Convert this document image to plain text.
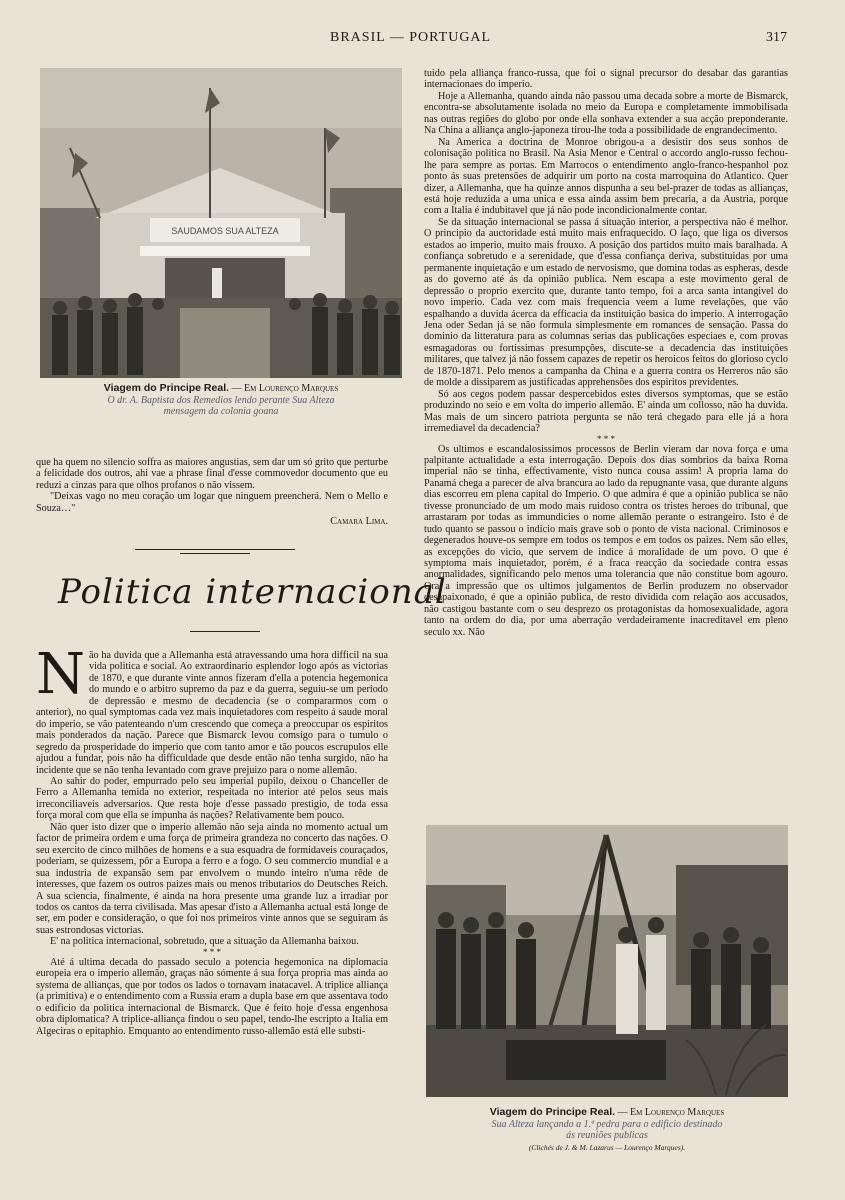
BRASIL — PORTUGAL	317
SAUDAMOS SUA ALTEZA
Viagem do Principe Real. — Em Lourenço Marques
O dr. A. Baptista dos Remedios lendo perante Sua Alteza
mensagem da colonia goana

que ha quem no silencio soffra as maiores angustias, sem dar um só grito que perturbe a felicidade dos outros, ahi vae a phrase final d'esse commovedor documento que eu reduzi a cinzas para que olhos profanos o não vissem.

"Deixas vago no meu coração um logar que ninguem preencherá. Nem o Mello e Souza…"

Camara Lima.
Politica internacional
N ão ha duvida que a Allemanha está atravessando uma hora difficil na sua vida politica e social. Ao extraordinario esplendor logo após as victorias de 1870, e que durante vinte annos fizeram d'ella a potencia hegemonica do mundo e o arbitro supremo da paz e da guerra, seguiu-se um periodo de depressão e mesmo de decadencia (se o compararmos com o anterior), no qual symptomas cada vez mais inquietadores com respeito á saude moral do imperio, se vão patenteando n'um crescendo que começa a preoccupar os espiritos mais ponderados da nação. Parece que Bismarck levou comsigo para o tumulo o segredo da prosperidade do imperio que com tanto amor e tão poucos escrupulos elle ajudou a fundar, pois não ha difficuldade que desde então não tenha surgido, não ha incidente que se não tenha levantado com grave prejuizo para o nome allemão.

Ao sahir do poder, empurrado pelo seu imperial pupilo, deixou o Chanceller de Ferro a Allemanha temida no exterior, respeitada no interior até pelos seus mais irreconciliaveis adversarios. Que resta hoje d'esse passado prestigio, de toda essa força moral com que ella se impunha ás nações? Relativamente bem pouco.

Não quer isto dizer que o imperio allemão não seja ainda no momento actual um factor de primeira ordem e uma força de primeira grandeza no concerto das nações. O seu exercito de cinco milhões de homens e a sua esquadra de formidaveis couraçados, poderiam, se quizessem, pôr a Europa a ferro e a fogo. O seu commercio mundial e a sua industria de expansão sem par envolvem o mundo inteiro n'uma rêde de interesses, que fazem os outros paizes mais ou menos tributarios do Deutsches Reich. A sua sciencia, finalmente, é ainda na hora presente uma grande luz a irradiar por todos os cantos da terra civilisada. Mas apesar d'isto a Allemanha actual está longe de ser, em poder e consideração, o que foi nos primeiros vinte annos que se seguiram ás suas estrondosas victorias.

E' na politica internacional, sobretudo, que a situação da Allemanha baixou.

* * *

Até á ultima decada do passado seculo a potencia hegemonica na diplomacia europeia era o imperio allemão, graças não sómente á sua força propria mas ainda ao systema de allianças, que por todos os lados o tornavam inatacavel. A triplice alliança (a primitiva) e o entendimento com a Russia eram a dupla base em que assentava todo o edificio da politica internacional de Bismarck. Que é feito hoje d'essa engenhosa obra diplomatica? A triplice-alliança findou o seu papel, tendo-lhe escripto a Italia em Algeciras o epitaphio. Emquanto ao entendimento russo-allemão está elle substi-

tuido pela alliança franco-russa, que foi o signal precursor do desabar das garantias internacionaes do imperio.

Hoje a Allemanha, quando ainda não passou uma decada sobre a morte de Bismarck, encontra-se absolutamente isolada no meio da Europa e completamente immobilisada nas outras regiões do globo por onde ella sonhava extender a sua acção preponderante. Na China a alliança anglo-japoneza tirou-lhe toda a possibilidade de engrandecimento.

Na America a doctrina de Monroe obrigou-a a desistir dos seus sonhos de colonisação politica no Brasil. Na Asia Menor e Central o accordo anglo-russo fechou-lhe para sempre as portas. Em Marrocos o entendimento anglo-franco-hespanhol poz ponto ás suas pretensões de adquirir um porto na costa marroquina do Atlantico. Quer dizer, a Allemanha, que ha quinze annos dispunha a seu bel-prazer de todas as allianças, está hoje reduzida a uma unica e essa ainda assim bem precaria, a da Austria, porque com a Italia é indubitavel que já não pode incondicionalmente contar.

Se da situação internacional se passa á situação interior, a perspectiva não é melhor. O principio da auctoridade está muito mais enfraquecido. O laço, que liga os diversos estados ao imperio, muito mais frouxo. A posição dos partidos muito mais baralhada. A confiança sobretudo e a serenidade, que d'essa confiança deriva, substituidas por uma permanente inquietação e um estado de nervosismo, que domina todas as espheras, desde as do governo até ás da opinião publica. Nem escapa a este movimento geral de depressão o proprio exercito que, durante tanto tempo, foi a arca santa intangivel do novo imperio. Cada vez com mais frequencia veem a lume revelações, que vão espalhando a duvida ácerca da efficacia da instituição basica do imperio. A interrogação Jena oder Sedan já se não formula simplesmente em romances de sensação. Passa do dominio da litteratura para as columnas serias das publicações especiaes e, com provas esmagadoras ou fortissimas presumpções, discute-se a decadencia das instituições militares, que talvez já não fossem capazes de repetir os heroicos feitos do glorioso cyclo de 1870-1871. Pelo menos a campanha da China e a guerra contra os Herreros não são de molde a dissiparem as justificadas apprehensões dos espiritos previdentes.

Só aos cegos podem passar despercebidos estes diversos symptomas, que se estão produzindo no seio e em volta do imperio allemão. E' ainda um collosso, não ha duvida. Mas mais de um sincero patriota pergunta se não terá chegado para elle já a hora irremediavel da decadencia?

* * *

Os ultimos e escandalosissimos processos de Berlin vieram dar nova força e uma palpitante actualidade a esta interrogação. Depois dos dias sombrios da baixa Roma imperial não se tinha, effectivamente, visto nunca cousa assim! A propria lama do Panamá chega a parecer de alva brancura ao lado da repugnante vasa, que durante alguns dias escorreu em plena capital do Imperio. O que admira é que a opinião publica se não tivesse pronunciado de um modo mais ruidoso contra os tristes heroes do tribunal, que arrastaram por todas as immundicies o nome allemão perante o estrangeiro. Isto é de tudo quanto se passou o indicio mais grave sob o ponto de vista nacional. Criminosos e degenerados houve-os sempre em todos os tempos e em todos os paizes. Nem são elles, as excepções do vicio, que servem de indice á moralidade de um povo. O que é symptoma mais inquietador, porém, é a fraca reacção da sociedade contra essas anormalidades, significando pelo menos uma tolerancia que não constitue bom agouro. Ora a impressão que os ultimos julgamentos de Berlin produzem no observador desapaixonado, é que a opinião publica, de resto dividida com relação aos accusados, não castigou bastante com o seu desprezo os protagonistas da homosexualidade, agora tanto na ordem do dia, por uma aberração verdadeiramente inacreditavel em pleno seculo xx. Não

Viagem do Principe Real. — Em Lourenço Marques
Sua Alteza lançando a 1.ª pedra para o edificio destinado
ás reuniões publicas
(Clichés de J. & M. Lazarus — Lourenço Marques).
